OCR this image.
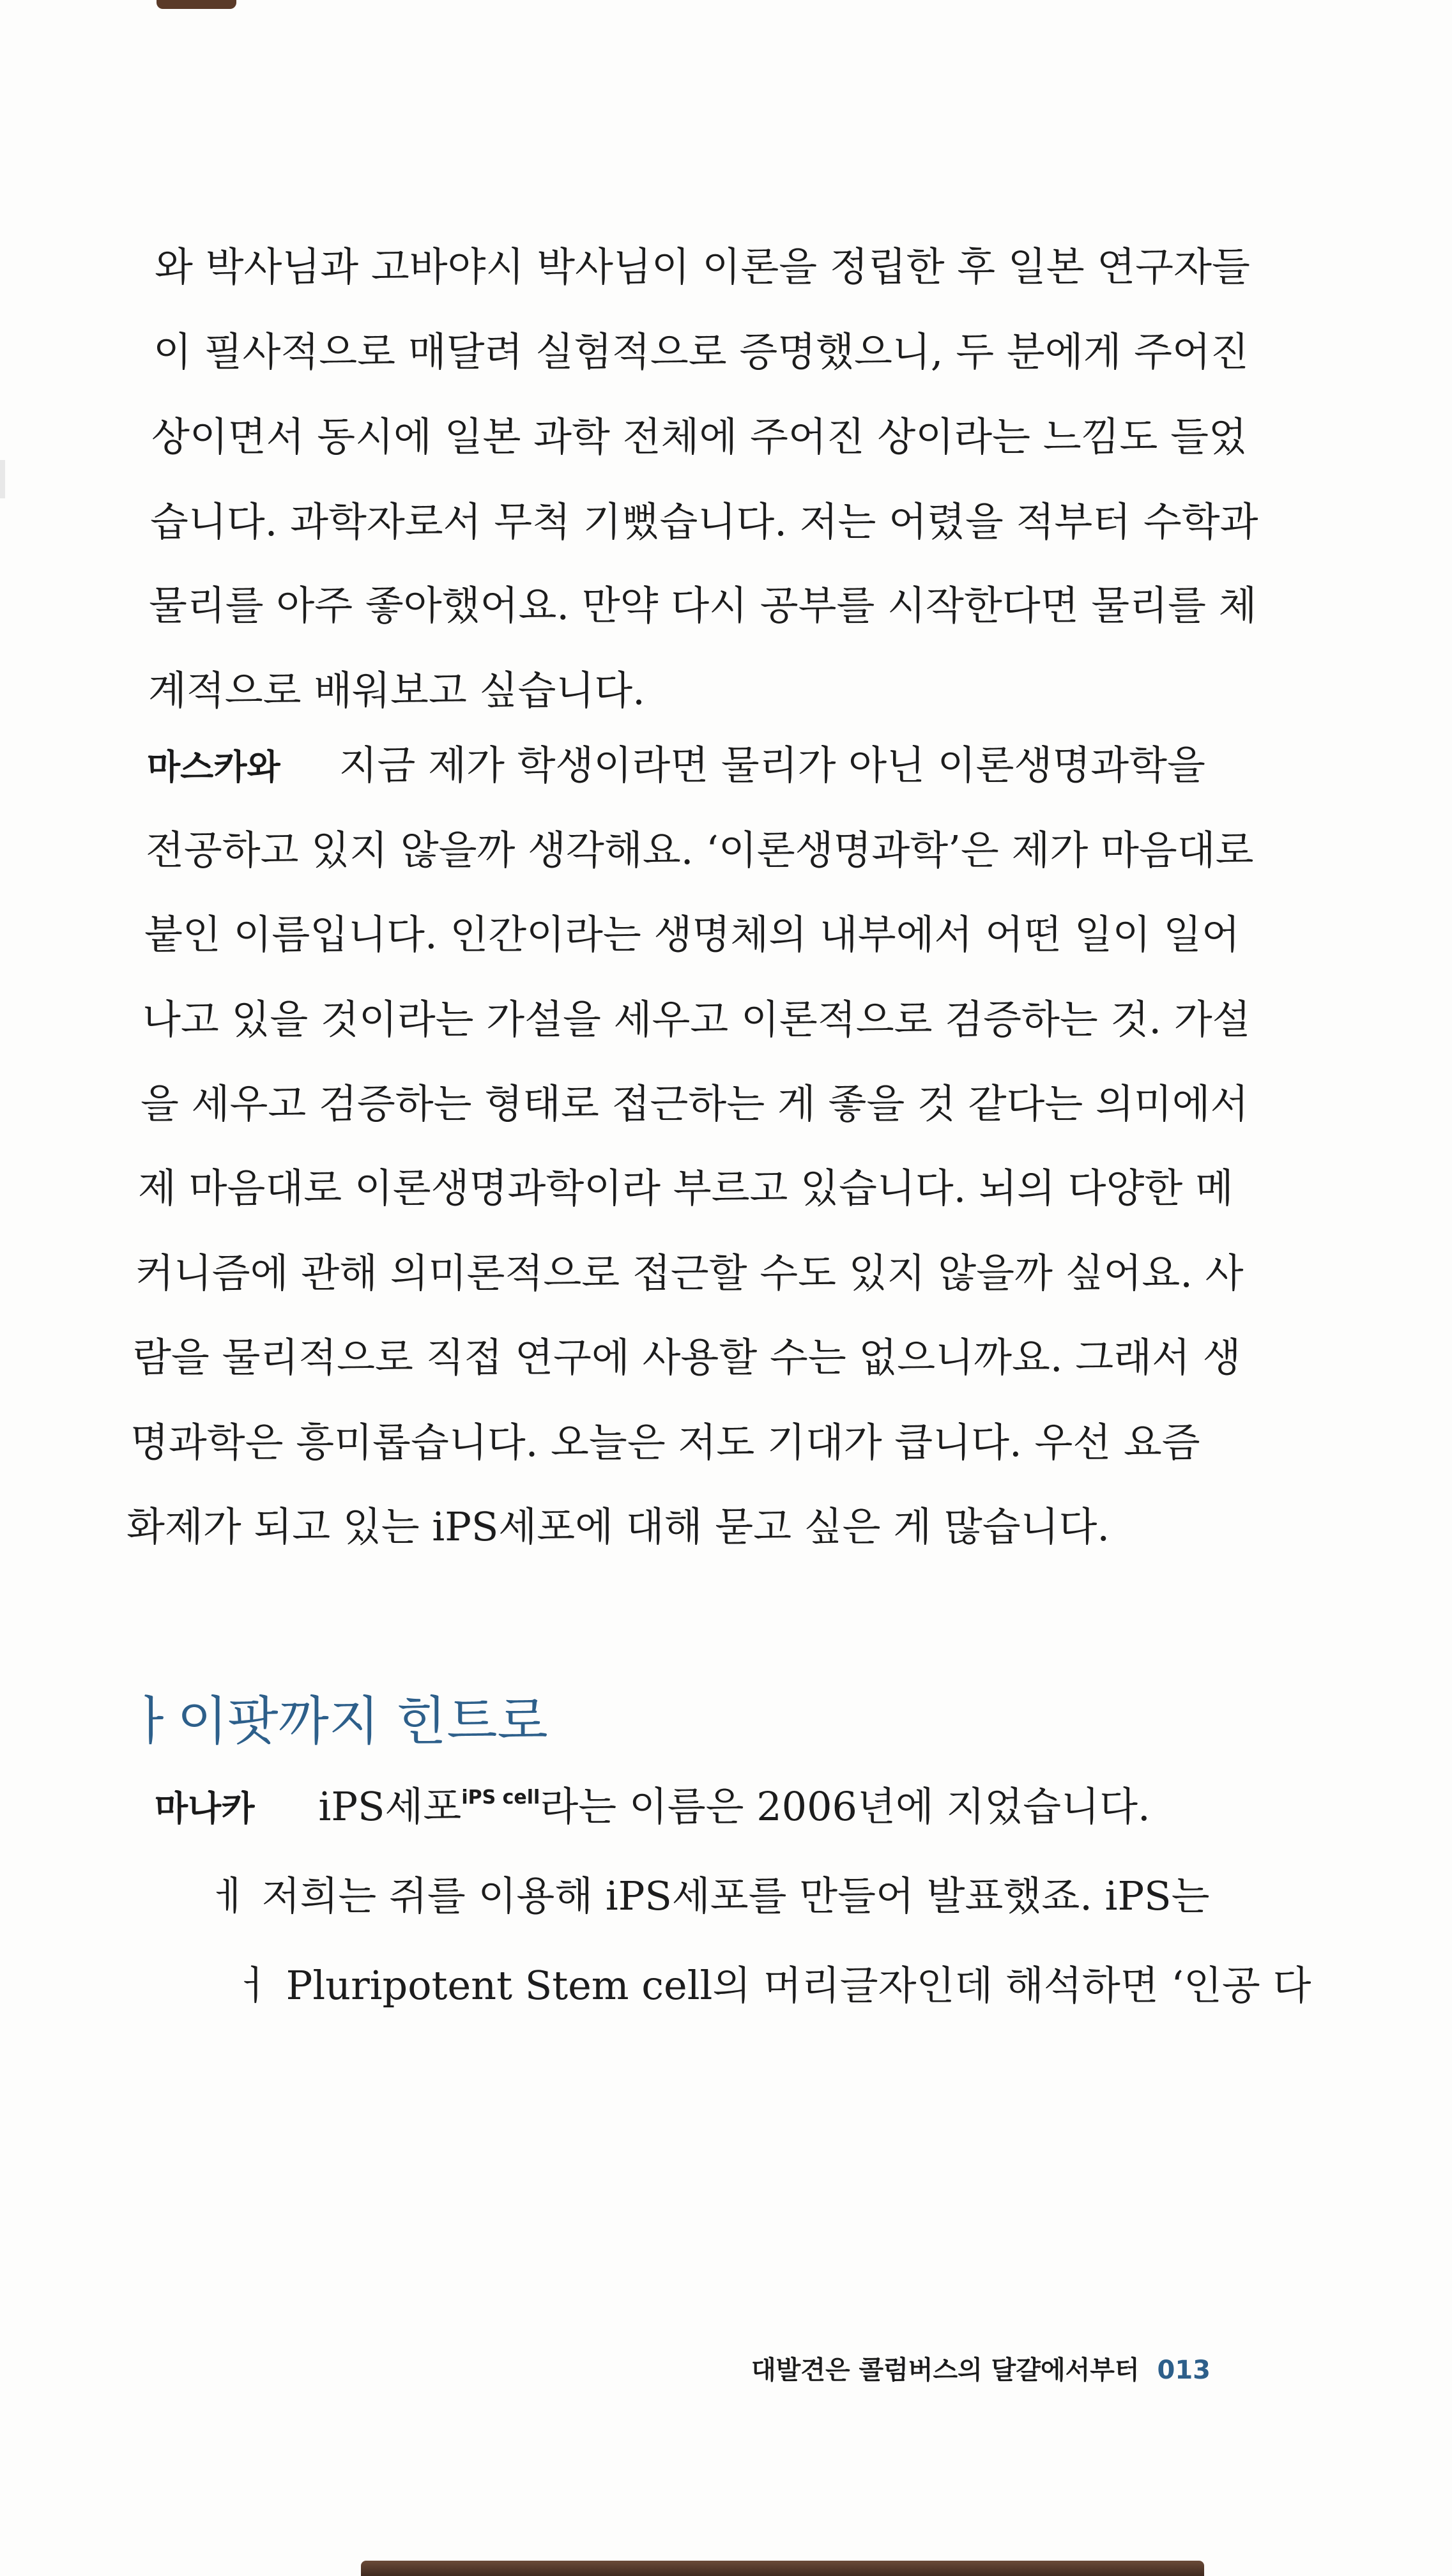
와 박사님과 고바야시 박사님이 이론을 정립한 후 일본 연구자들
이 필사적으로 매달려 실험적으로 증명했으니, 두 분에게 주어진
상이면서 동시에 일본 과학 전체에 주어진 상이라는 느낌도 들었
습니다. 과학자로서 무척 기뻤습니다. 저는 어렸을 적부터 수학과
물리를 아주 좋아했어요. 만약 다시 공부를 시작한다면 물리를 체
계적으로 배워보고 싶습니다.
마스카와 지금 제가 학생이라면 물리가 아닌 이론생명과학을
전공하고 있지 않을까 생각해요. ‘이론생명과학’은 제가 마음대로
붙인 이름입니다. 인간이라는 생명체의 내부에서 어떤 일이 일어
나고 있을 것이라는 가설을 세우고 이론적으로 검증하는 것. 가설
을 세우고 검증하는 형태로 접근하는 게 좋을 것 같다는 의미에서
제 마음대로 이론생명과학이라 부르고 있습니다. 뇌의 다양한 메
커니즘에 관해 의미론적으로 접근할 수도 있지 않을까 싶어요. 사
람을 물리적으로 직접 연구에 사용할 수는 없으니까요. 그래서 생
명과학은 흥미롭습니다. 오늘은 저도 기대가 큽니다. 우선 요즘
화제가 되고 있는 iPS세포에 대해 묻고 싶은 게 많습니다.
ㅏ이팟까지 힌트로
마나카 iPS세포$^{iPS cell}$라는 이름은 2006년에 지었습니다.
ㅔ 저희는 쥐를 이용해 iPS세포를 만들어 발표했죠. iPS는
ㅓ Pluripotent Stem cell의 머리글자인데 해석하면 ‘인공 다
대발견은 콜럼버스의 달걀에서부터 013
